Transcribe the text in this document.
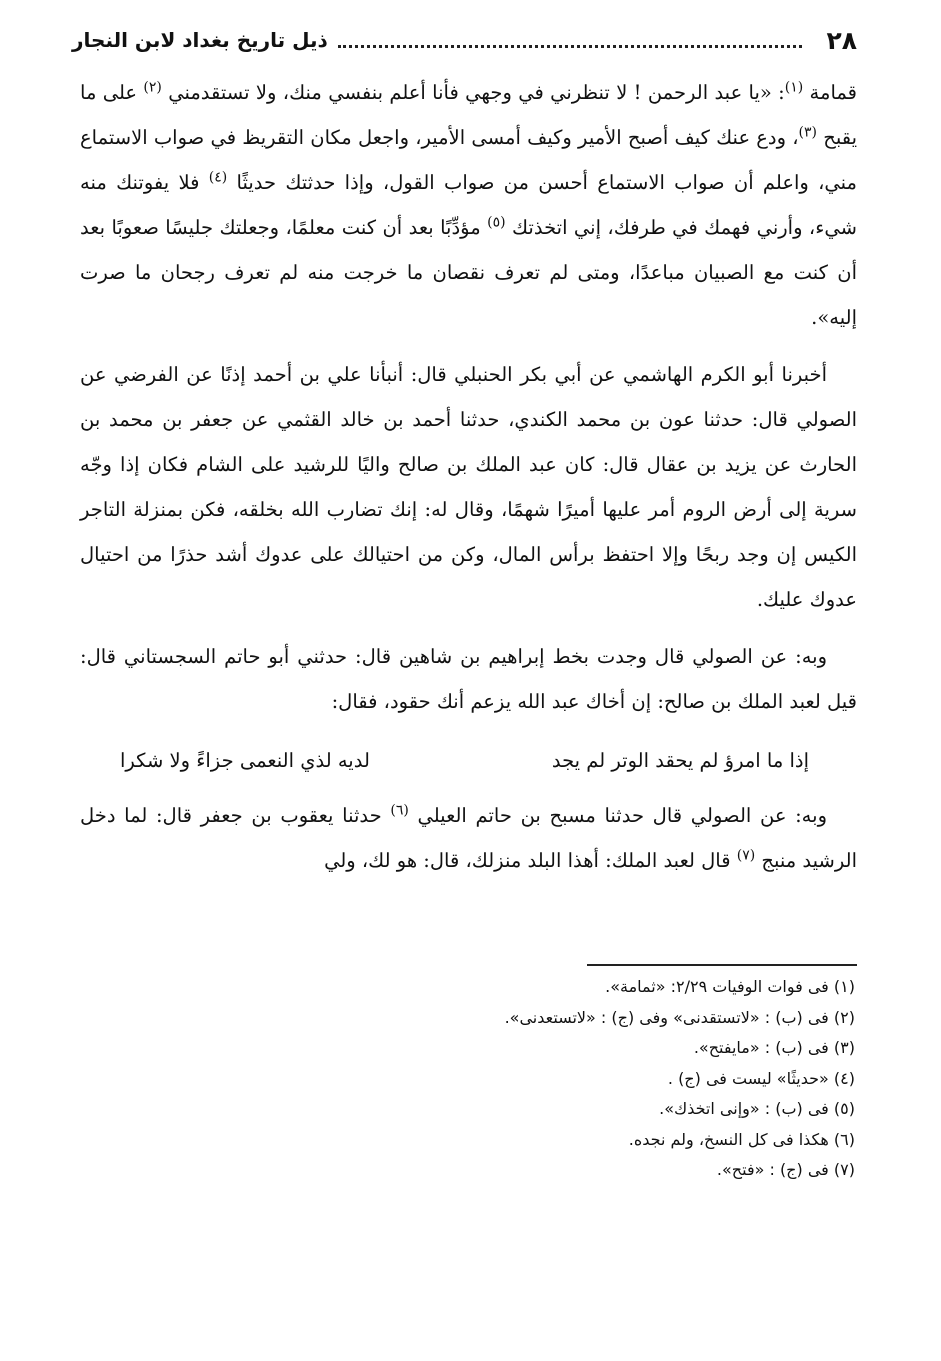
٢٨
ذيل تاريخ بغداد لابن النجار

قمامة $^{(١)}$: «يا عبد الرحمن ! لا تنظرني في وجهي فأنا أعلم بنفسي منك، ولا تستقدمني $^{(٢)}$ على ما يقبح $^{(٣)}$، ودع عنك كيف أصبح الأمير وكيف أمسى الأمير، واجعل مكان التقريظ في صواب الاستماع مني، واعلم أن صواب الاستماع أحسن من صواب القول، وإذا حدثتك حديثًا $^{(٤)}$ فلا يفوتنك منه شيء، وأرني فهمك في طرفك، إني اتخذتك $^{(٥)}$ مؤدِّبًا بعد أن كنت معلمًا، وجعلتك جليسًا صعوبًا بعد أن كنت مع الصبيان مباعدًا، ومتى لم تعرف نقصان ما خرجت منه لم تعرف رجحان ما صرت إليه».

أخبرنا أبو الكرم الهاشمي عن أبي بكر الحنبلي قال: أنبأنا علي بن أحمد إذنًا عن الفرضي عن الصولي قال: حدثنا عون بن محمد الكندي، حدثنا أحمد بن خالد القثمي عن جعفر بن محمد بن الحارث عن يزيد بن عقال قال: كان عبد الملك بن صالح واليًا للرشيد على الشام فكان إذا وجّه سرية إلى أرض الروم أمر عليها أميرًا شهمًا، وقال له: إنك تضارب الله بخلقه، فكن بمنزلة التاجر الكيس إن وجد ربحًا وإلا احتفظ برأس المال، وكن من احتيالك على عدوك أشد حذرًا من احتيال عدوك عليك.

وبه: عن الصولي قال وجدت بخط إبراهيم بن شاهين قال: حدثني أبو حاتم السجستاني قال: قيل لعبد الملك بن صالح: إن أخاك عبد الله يزعم أنك حقود، فقال:

إذا ما امرؤ لم يحقد الوتر لم يجد
لديه لذي النعمى جزاءً ولا شكرا

وبه: عن الصولي قال حدثنا مسبح بن حاتم العيلي $^{(٦)}$ حدثنا يعقوب بن جعفر قال: لما دخل الرشيد منبج $^{(٧)}$ قال لعبد الملك: أهذا البلد منزلك، قال: هو لك، ولي

(١) فى فوات الوفيات ٢/٢٩: «ثمامة».
(٢) فى (ب) : «لاتستقدنى» وفى (ج) : «لاتستعدنى».
(٣) فى (ب) : «مايفتح».
(٤) «حديثًا» ليست فى (ج) .
(٥) فى (ب) : «وإنى اتخذك».
(٦) هكذا فى كل النسخ، ولم نجده.
(٧) فى (ج) : «فتح».
